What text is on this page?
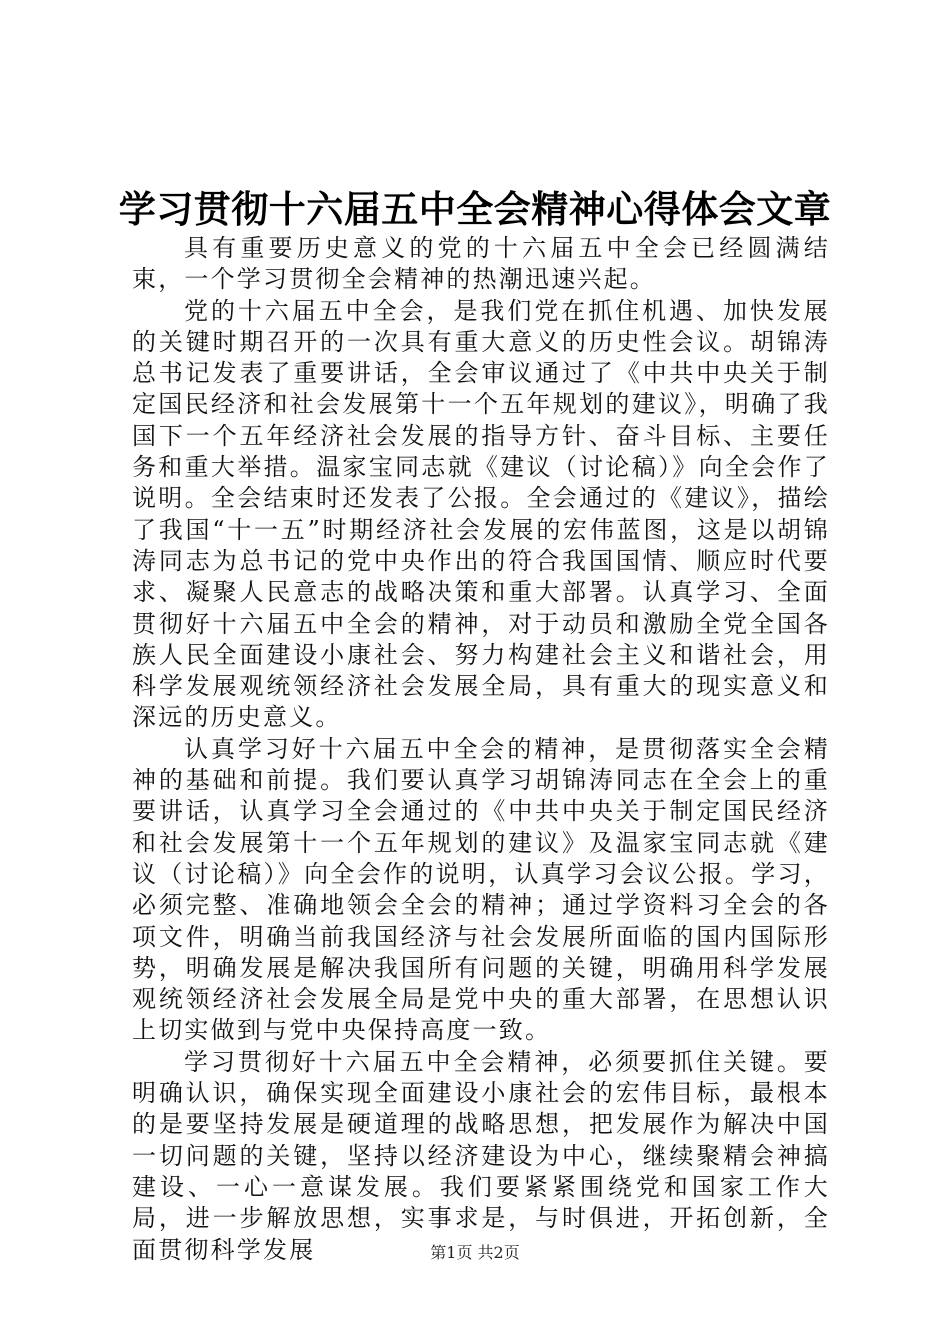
学习贯彻十六届五中全会精神心得体会文章

具有重要历史意义的党的十六届五中全会已经圆满结束，一个学习贯彻全会精神的热潮迅速兴起。

党的十六届五中全会，是我们党在抓住机遇、加快发展的关键时期召开的一次具有重大意义的历史性会议。胡锦涛总书记发表了重要讲话，全会审议通过了《中共中央关于制定国民经济和社会发展第十一个五年规划的建议》，明确了我国下一个五年经济社会发展的指导方针、奋斗目标、主要任务和重大举措。温家宝同志就《建议（讨论稿）》向全会作了说明。全会结束时还发表了公报。全会通过的《建议》，描绘了我国“十一五”时期经济社会发展的宏伟蓝图，这是以胡锦涛同志为总书记的党中央作出的符合我国国情、顺应时代要求、凝聚人民意志的战略决策和重大部署。认真学习、全面贯彻好十六届五中全会的精神，对于动员和激励全党全国各族人民全面建设小康社会、努力构建社会主义和谐社会，用科学发展观统领经济社会发展全局，具有重大的现实意义和深远的历史意义。

认真学习好十六届五中全会的精神，是贯彻落实全会精神的基础和前提。我们要认真学习胡锦涛同志在全会上的重要讲话，认真学习全会通过的《中共中央关于制定国民经济和社会发展第十一个五年规划的建议》及温家宝同志就《建议（讨论稿）》向全会作的说明，认真学习会议公报。学习，必须完整、准确地领会全会的精神；通过学资料习全会的各项文件，明确当前我国经济与社会发展所面临的国内国际形势，明确发展是解决我国所有问题的关键，明确用科学发展观统领经济社会发展全局是党中央的重大部署，在思想认识上切实做到与党中央保持高度一致。

学习贯彻好十六届五中全会精神，必须要抓住关键。要明确认识，确保实现全面建设小康社会的宏伟目标，最根本的是要坚持发展是硬道理的战略思想，把发展作为解决中国一切问题的关键，坚持以经济建设为中心，继续聚精会神搞建设、一心一意谋发展。我们要紧紧围绕党和国家工作大局，进一步解放思想，实事求是，与时俱进，开拓创新，全面贯彻科学发展	第1页 共2页
